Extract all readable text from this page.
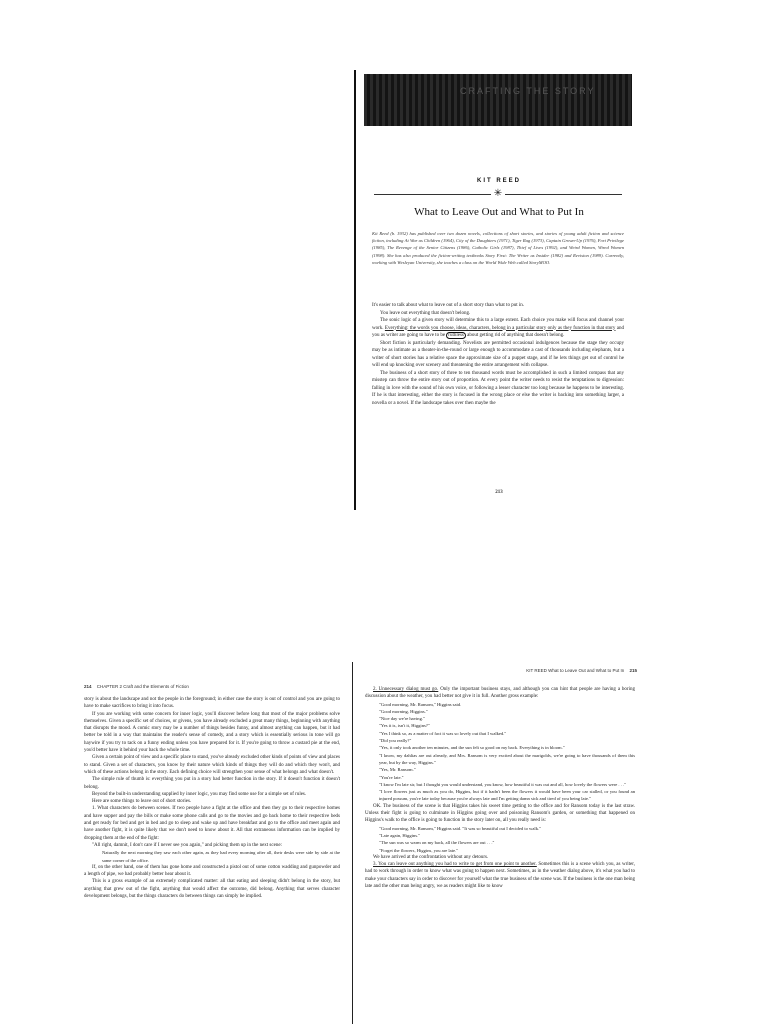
CRAFTING THE STORY
KIT REED
✳
What to Leave Out and What to Put In
Kit Reed (b. 1932) has published over two dozen novels, collections of short stories, and stories of young adult fiction and science fiction, including At War as Children (1964), City of the Daughters (1971), Tiger Rag (1973), Captain Grown-Up (1976), Fort Privilege (1985), The Revenge of the Senior Citizens (1986), Catholic Girls (1987), Thief of Lives (1992), and Weird Women, Wired Women (1998). She has also produced the fiction-writing textbooks Story First: The Writer as Insider (1982) and Revision (1989). Currently, working with Wesleyan University, she teaches a class on the World Wide Web called StoryMOO.

It's easier to talk about what to leave out of a short story than what to put in.

You leave out everything that doesn't belong.

The sonic logic of a given story will determine this to a large extent. Each choice you make will focus and channel your work. Everything: the words you choose, ideas, characters, belong in a particular story only as they function in that story and you as writer are going to have to be ruthless about getting rid of anything that doesn't belong.

Short fiction is particularly demanding. Novelists are permitted occasional indulgences because the stage they occupy may be as intimate as a theater-in-the-round or large enough to accommodate a cast of thousands including elephants, but a writer of short stories has a relative space the approximate size of a puppet stage, and if he lets things get out of control he will end up knocking over scenery and threatening the entire arrangement with collapse.

The business of a short story of three to ten thousand words must be accomplished in such a limited compass that any misstep can throw the entire story out of proportion. At every point the writer needs to resist the temptations to digression: falling in love with the sound of his own voice, or following a lesser character too long because he happens to be interesting. If he is that interesting, either the story is focused in the wrong place or else the writer is backing into something larger, a novella or a novel. If the landscape takes over then maybe the

213
214 CHAPTER 2 Craft and the Elements of Fiction

story is about the landscape and not the people in the foreground; in either case the story is out of control and you are going to have to make sacrifices to bring it into focus.

If you are working with some concern for inner logic, you'll discover before long that most of the major problems solve themselves. Given a specific set of choices, or givens, you have already excluded a great many things, beginning with anything that disrupts the mood. A comic story may be a number of things besides funny, and almost anything can happen, but it had better be told in a way that maintains the reader's sense of comedy, and a story which is essentially serious in tone will go haywire if you try to tack on a funny ending unless you have prepared for it. If you're going to throw a custard pie at the end, you'd better have it behind your back the whole time.

Given a certain point of view and a specific place to stand, you've already excluded other kinds of points of view and places to stand. Given a set of characters, you know by their nature which kinds of things they will do and which they won't, and which of these actions belong in the story. Each defining choice will strengthen your sense of what belongs and what doesn't.

The simple rule of thumb is: everything you put in a story had better function in the story. If it doesn't function it doesn't belong.

Beyond the built-in understanding supplied by inner logic, you may find some use for a simple set of rules.

Here are some things to leave out of short stories.

1. What characters do between scenes. If two people have a fight at the office and then they go to their respective homes and have supper and pay the bills or make some phone calls and go to the movies and go back home to their respective beds and get ready for bed and get in bed and go to sleep and wake up and have breakfast and go to the office and meet again and have another fight, it is quite likely that we don't need to know about it. All that extraneous information can be implied by dropping them at the end of the fight:

"All right, damnit, I don't care if I never see you again," and picking them up in the next scene:

Naturally the next morning they saw each other again, as they had every morning after all, their desks were side by side at the same corner of the office.

If, on the other hand, one of them has gone home and constructed a pistol out of some cotton wadding and gunpowder and a length of pipe, we had probably better hear about it.

This is a gross example of an extremely complicated matter: all that eating and sleeping didn't belong in the story, but anything that grew out of the fight, anything that would affect the outcome, did belong. Anything that serves character development belongs, but the things characters do between things can simply be implied.

KIT REED What to Leave Out and What to Put In 215

2. Unnecessary dialog must go. Only the important business stays, and although you can hint that people are having a boring discussion about the weather, you had better not give it in full. Another gross example:

"Good morning, Mr. Ransom," Higgins said.

"Good morning, Higgins."

"Nice day we're having."

"Yes it is, isn't it, Higgins?"

"Yes I think so, as a matter of fact it was so lovely out that I walked."

"Did you really?"

"Yes, it only took another ten minutes, and the sun felt so good on my back. Everything is in bloom."

"I know, my dahlias are out already, and Mrs. Ransom is very excited about the marigolds, we're going to have thousands of them this year, but by the way, Higgins."

"Yes, Mr. Ransom."

"You're late."

"I know I'm late sir, but I thought you would understand, you know, how beautiful it was out and all, how lovely the flowers were . . ."

"I love flowers just as much as you do, Higgins, but if it hadn't been the flowers it would have been your car stalled, or you found an injured possum, you're late today because you're always late and I'm getting damn sick and tired of you being late."

OK. The business of the scene is that Higgins takes his sweet time getting to the office and for Ransom today is the last straw. Unless their fight is going to culminate in Higgins going over and poisoning Ransom's garden, or something that happened on Higgins's walk to the office is going to function in the story later on, all you really need is:

"Good morning, Mr. Ransom," Higgins said. "It was so beautiful out I decided to walk."

"Late again, Higgins."

"The sun was so warm on my back, all the flowers are out . . ."

"Forget the flowers, Higgins, you are late."

We have arrived at the confrontation without any detours.

3. You can leave out anything you had to write to get from one point to another. Sometimes this is a scene which you, as writer, had to work through in order to know what was going to happen next. Sometimes, as in the weather dialog above, it's what you had to make your characters say in order to discover for yourself what the true business of the scene was. If the business is the one man being late and the other man being angry, we as readers might like to know
